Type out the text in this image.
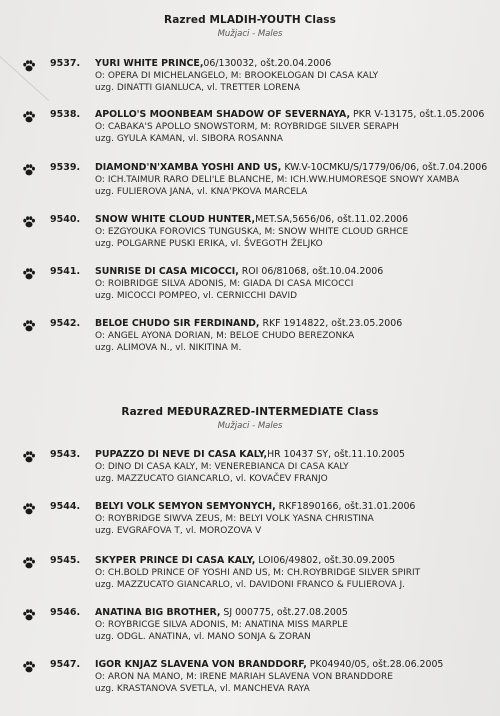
Razred MLADIH-YOUTH Class
Mužjaci - Males
9537. YURI WHITE PRINCE,06/130032, ošt.20.04.2006
O: OPERA DI MICHELANGELO, M: BROOKELOGAN DI CASA KALY
uzg. DINATTI GIANLUCA, vl. TRETTER LORENA
9538. APOLLO'S MOONBEAM SHADOW OF SEVERNAYA, PKR V-13175, ošt.1.05.2006
O: CABAKA'S APOLLO SNOWSTORM, M: ROYBRIDGE SILVER SERAPH
uzg. GYULA KAMAN, vl. SIBORA ROSANNA
9539. DIAMOND'N'XAMBA YOSHI AND US, KW.V-10CMKU/S/1779/06/06, ošt.7.04.2006
O: ICH.TAIMUR RARO DELI'LE BLANCHE, M: ICH.WW.HUMORESQE SNOWY XAMBA
uzg. FULIEROVA JANA, vl. KNA'PKOVA MARCELA
9540. SNOW WHITE CLOUD HUNTER,MET.SA,5656/06, ošt.11.02.2006
O: EZGYOUKA FOROVICS TUNGUSKA, M: SNOW WHITE CLOUD GRHCE
uzg. POLGARNE PUSKI ERIKA, vl. ŠVEGOTH ŽELJKO
9541. SUNRISE DI CASA MICOCCI, ROI 06/81068, ošt.10.04.2006
O: ROIBRIDGE SILVA ADONIS, M: GIADA DI CASA MICOCCI
uzg. MICOCCI POMPEO, vl. CERNICCHI DAVID
9542. BELOE CHUDO SIR FERDINAND, RKF 1914822, ošt.23.05.2006
O: ANGEL AYONA DORIAN, M: BELOE CHUDO BEREZONKA
uzg. ALIMOVA N., vl. NIKITINA M.
Razred MEĐURAZRED-INTERMEDIATE Class
Mužjaci - Males
9543. PUPAZZO DI NEVE DI CASA KALY,HR 10437 SY, ošt.11.10.2005
O: DINO DI CASA KALY, M: VENEREBIANCA DI CASA KALY
uzg. MAZZUCATO GIANCARLO, vl. KOVAČEV FRANJO
9544. BELYI VOLK SEMYON SEMYONYCH, RKF1890166, ošt.31.01.2006
O: ROYBRIDGE SIWVA ZEUS, M: BELYI VOLK YASNA CHRISTINA
uzg. EVGRAFOVA T, vl. MOROZOVA V
9545. SKYPER PRINCE DI CASA KALY, LOI06/49802, ošt.30.09.2005
O: CH.BOLD PRINCE OF YOSHI AND US, M: CH.ROYBRIDGE SILVER SPIRIT
uzg. MAZZUCATO GIANCARLO, vl. DAVIDONI FRANCO & FULIEROVA J.
9546. ANATINA BIG BROTHER, SJ 000775, ošt.27.08.2005
O: ROYBRICGE SILVA ADONIS, M: ANATINA MISS MARPLE
uzg. ODGL. ANATINA, vl. MANO SONJA & ZORAN
9547. IGOR KNJAZ SLAVENA VON BRANDDORF, PK04940/05, ošt.28.06.2005
O: ARON NA MANO, M: IRENE MARIAH SLAVENA VON BRANDDORE
uzg. KRASTANOVA SVETLA, vl. MANCHEVA RAYA
